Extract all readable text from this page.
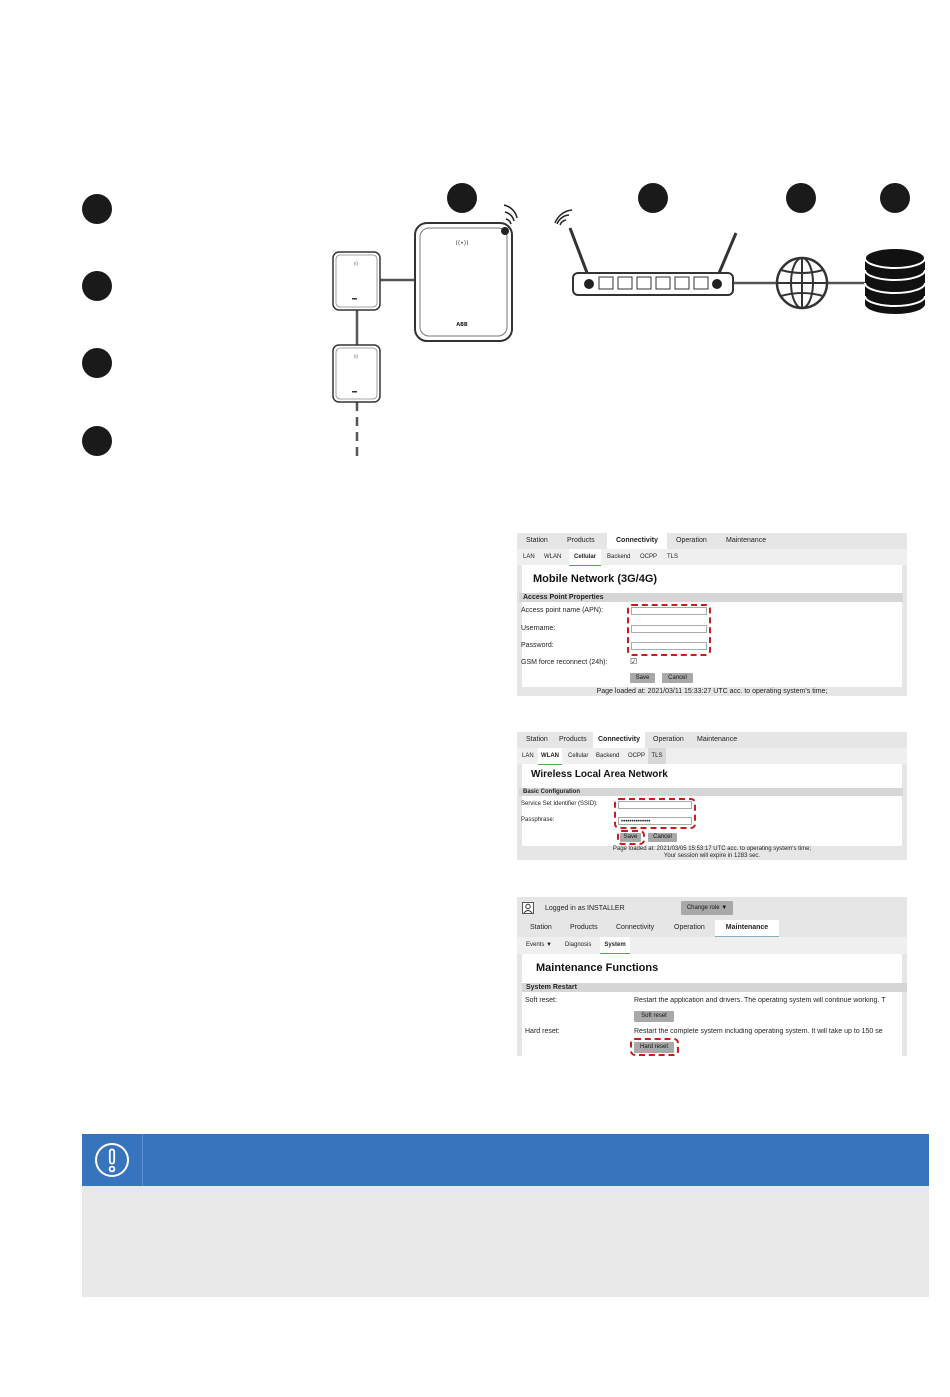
(((
(((
((•))
ABB
Station	Products	Connectivity	Operation	Maintenance
LAN WLAN	Cellular	Backend OCPP TLS
Mobile Network (3G/4G)
Access Point Properties
Access point name (APN):
Username:
Password:
GSM force reconnect (24h):	☑
Save	Cancel
Page loaded at: 2021/03/11 15:33:27 UTC acc. to operating system's time;
Station Products	Connectivity	Operation Maintenance
LAN	WLAN	Cellular Backend OCPP	TLS
Wireless Local Area Network
Basic Configuration
Service Set Identifier (SSID):
Passphrase:	••••••••••••••
Save	Cancel
Page loaded at: 2021/03/05 15:53:17 UTC acc. to operating system's time;
Your session will expire in 1283 sec.
Logged in as INSTALLER	Change role ▼
Station	Products	Connectivity	Operation	Maintenance
Events ▼ Diagnosis	System
Maintenance Functions
System Restart
Soft reset:	Restart the application and drivers. The operating system will continue working. T
Soft reset
Hard reset:	Restart the complete system including operating system. It will take up to 150 se
Hard reset
